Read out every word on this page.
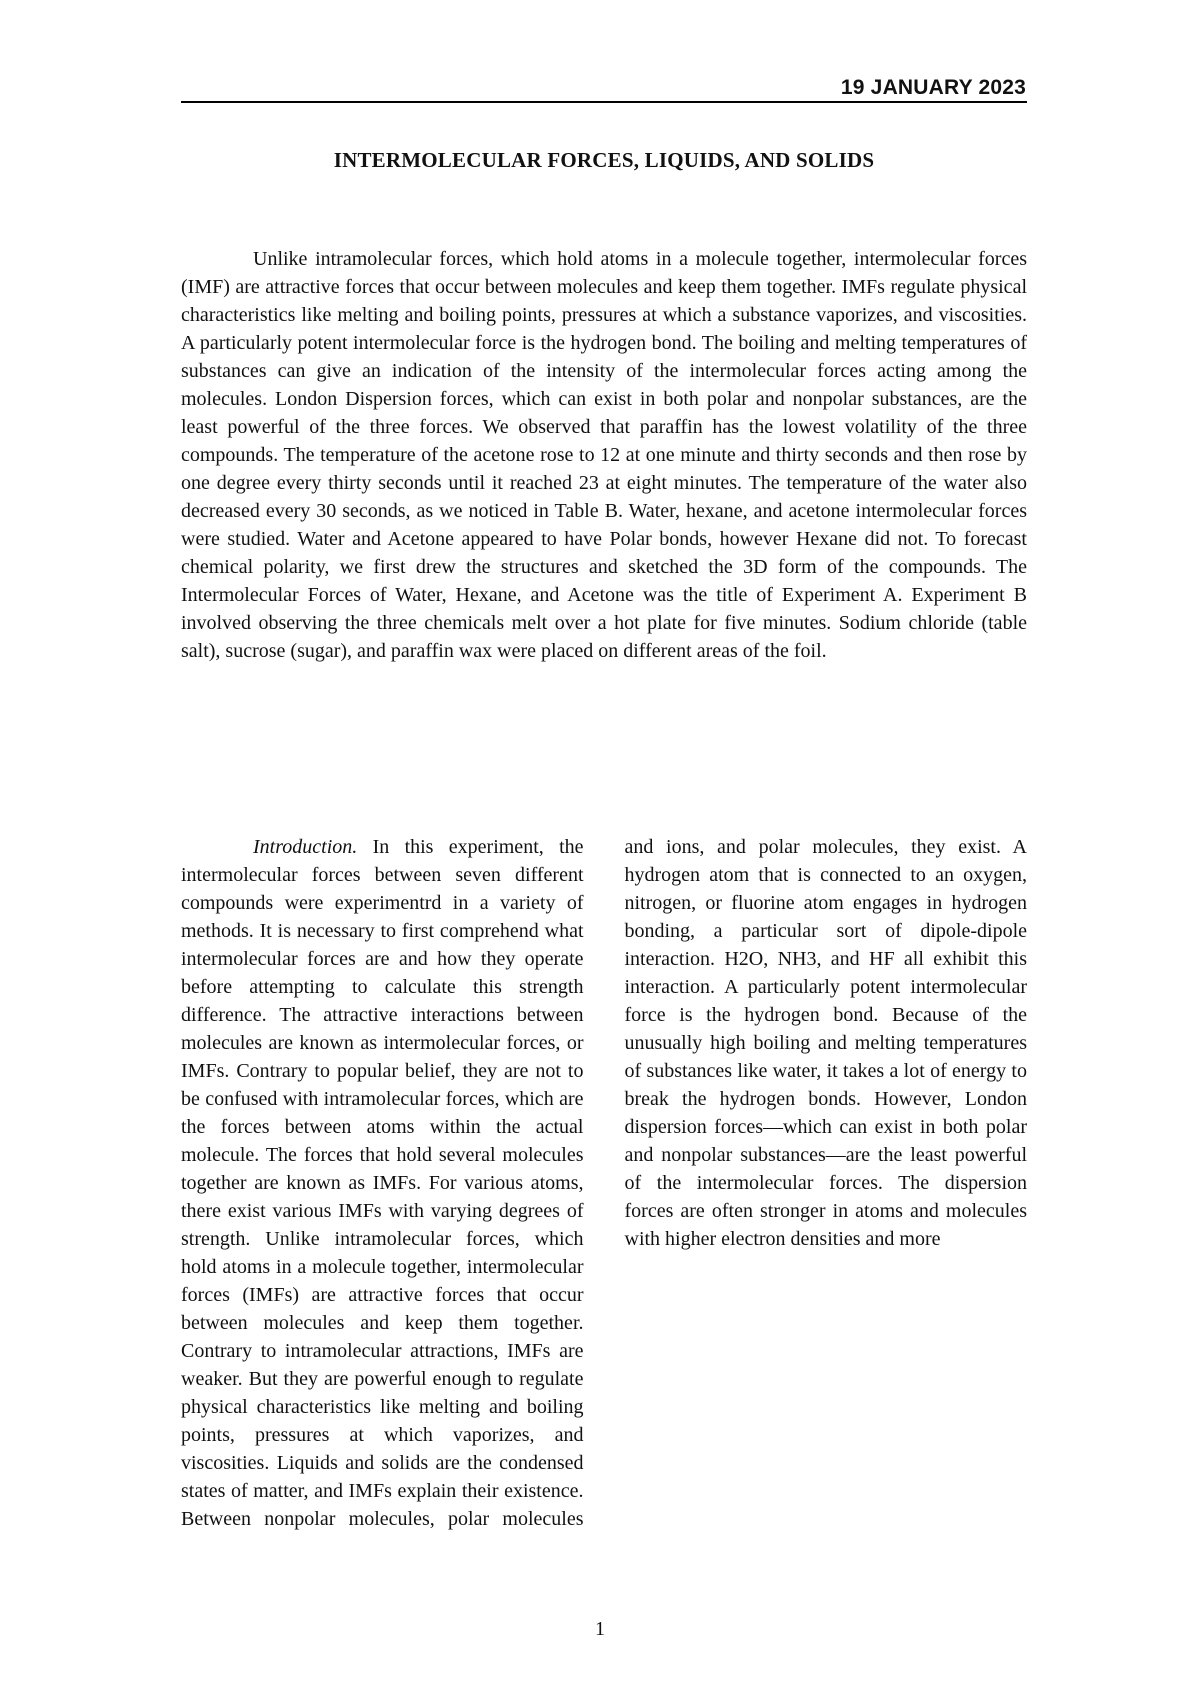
19 JANUARY 2023
INTERMOLECULAR FORCES, LIQUIDS, AND SOLIDS

Unlike intramolecular forces, which hold atoms in a molecule together, intermolecular forces (IMF) are attractive forces that occur between molecules and keep them together. IMFs regulate physical characteristics like melting and boiling points, pressures at which a substance vaporizes, and viscosities. A particularly potent intermolecular force is the hydrogen bond. The boiling and melting temperatures of substances can give an indication of the intensity of the intermolecular forces acting among the molecules. London Dispersion forces, which can exist in both polar and nonpolar substances, are the least powerful of the three forces. We observed that paraffin has the lowest volatility of the three compounds. The temperature of the acetone rose to 12 at one minute and thirty seconds and then rose by one degree every thirty seconds until it reached 23 at eight minutes. The temperature of the water also decreased every 30 seconds, as we noticed in Table B. Water, hexane, and acetone intermolecular forces were studied. Water and Acetone appeared to have Polar bonds, however Hexane did not. To forecast chemical polarity, we first drew the structures and sketched the 3D form of the compounds. The Intermolecular Forces of Water, Hexane, and Acetone was the title of Experiment A. Experiment B involved observing the three chemicals melt over a hot plate for five minutes. Sodium chloride (table salt), sucrose (sugar), and paraffin wax were placed on different areas of the foil.

Introduction. In this experiment, the intermolecular forces between seven different compounds were experimentrd in a variety of methods. It is necessary to first comprehend what intermolecular forces are and how they operate before attempting to calculate this strength difference. The attractive interactions between molecules are known as intermolecular forces, or IMFs. Contrary to popular belief, they are not to be confused with intramolecular forces, which are the forces between atoms within the actual molecule. The forces that hold several molecules together are known as IMFs. For various atoms, there exist various IMFs with varying degrees of strength. Unlike intramolecular forces, which hold atoms in a molecule together, intermolecular forces (IMFs) are attractive forces that occur between molecules and keep them together. Contrary to intramolecular attractions, IMFs are weaker. But they are powerful enough to regulate physical characteristics like melting and boiling points, pressures at which vaporizes, and viscosities. Liquids and solids are the condensed states of matter, and IMFs explain their existence. Between nonpolar molecules, polar molecules and ions, and polar molecules, they exist. A hydrogen atom that is connected to an oxygen, nitrogen, or fluorine atom engages in hydrogen bonding, a particular sort of dipole-dipole interaction. H2O, NH3, and HF all exhibit this interaction. A particularly potent intermolecular force is the hydrogen bond. Because of the unusually high boiling and melting temperatures of substances like water, it takes a lot of energy to break the hydrogen bonds. However, London dispersion forces—which can exist in both polar and nonpolar substances—are the least powerful of the intermolecular forces. The dispersion forces are often stronger in atoms and molecules with higher electron densities and more

1
